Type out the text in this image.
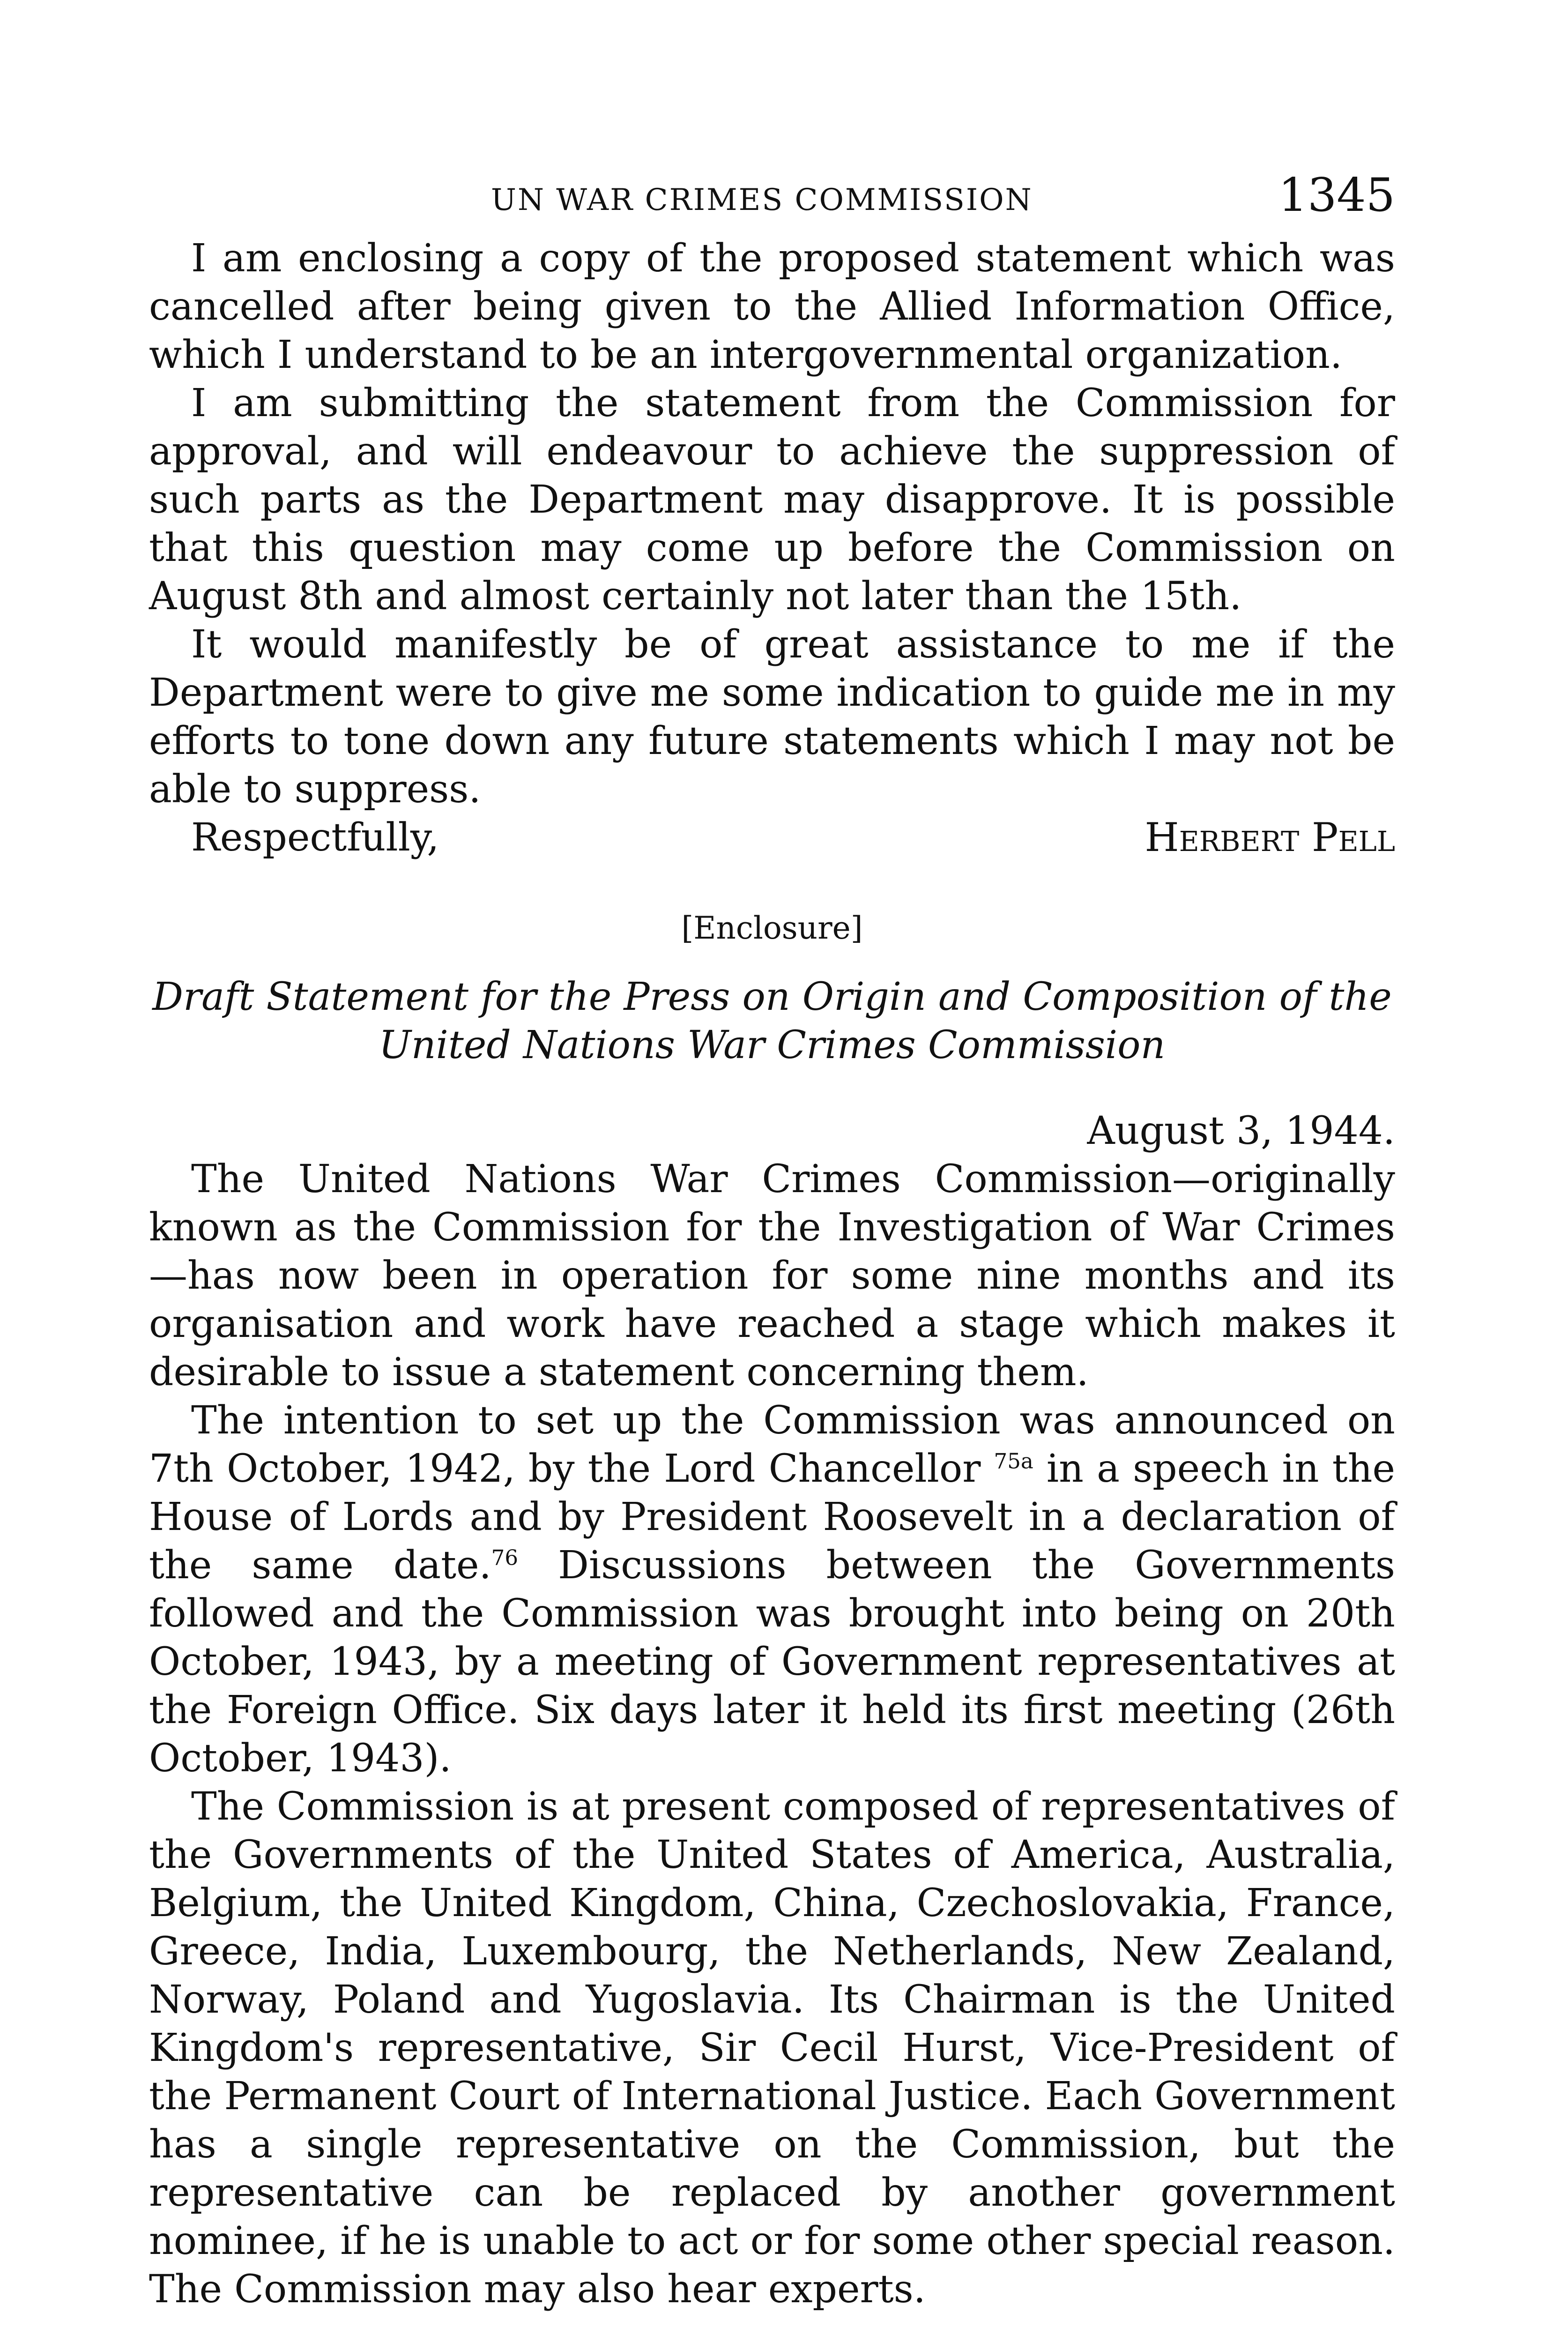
UN WAR CRIMES COMMISSION	1345

I am enclosing a copy of the proposed statement which was cancelled after being given to the Allied Information Office, which I understand to be an intergovernmental organization.

I am submitting the statement from the Commission for approval, and will endeavour to achieve the suppression of such parts as the Department may disapprove. It is possible that this question may come up before the Commission on August 8th and almost certainly not later than the 15th.

It would manifestly be of great assistance to me if the Department were to give me some indication to guide me in my efforts to tone down any future statements which I may not be able to suppress.

Respectfully,	Herbert Pell
[Enclosure]
Draft Statement for the Press on Origin and Composition of the United Nations War Crimes Commission
August 3, 1944.

The United Nations War Crimes Commission—originally known as the Commission for the Investigation of War Crimes—has now been in operation for some nine months and its organisation and work have reached a stage which makes it desirable to issue a statement concerning them.

The intention to set up the Commission was announced on 7th October, 1942, by the Lord Chancellor $^{75a}$ in a speech in the House of Lords and by President Roosevelt in a declaration of the same date.$^{76}$ Discussions between the Governments followed and the Commission was brought into being on 20th October, 1943, by a meeting of Government representatives at the Foreign Office. Six days later it held its first meeting (26th October, 1943).

The Commission is at present composed of representatives of the Governments of the United States of America, Australia, Belgium, the United Kingdom, China, Czechoslovakia, France, Greece, India, Luxembourg, the Netherlands, New Zealand, Norway, Poland and Yugoslavia. Its Chairman is the United Kingdom's representative, Sir Cecil Hurst, Vice-President of the Permanent Court of International Justice. Each Government has a single representative on the Commission, but the representative can be replaced by another government nominee, if he is unable to act or for some other special reason. The Commission may also hear experts.
